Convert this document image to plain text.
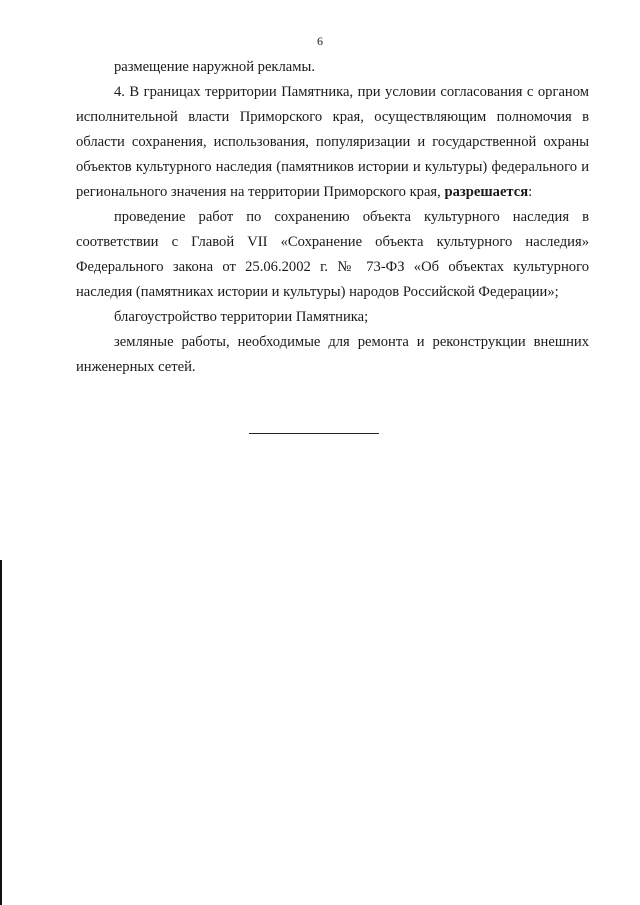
6

размещение наружной рекламы.

4. В границах территории Памятника, при условии согласования с органом исполнительной власти Приморского края, осуществляющим полномочия в области сохранения, использования, популяризации и государственной охраны объектов культурного наследия (памятников истории и культуры) федерального и регионального значения на территории Приморского края, разрешается:

проведение работ по сохранению объекта культурного наследия в соответствии с Главой VII «Сохранение объекта культурного наследия» Федерального закона от 25.06.2002 г. № 73-ФЗ «Об объектах культурного наследия (памятниках истории и культуры) народов Российской Федерации»;

благоустройство территории Памятника;

земляные работы, необходимые для ремонта и реконструкции внешних инженерных сетей.
